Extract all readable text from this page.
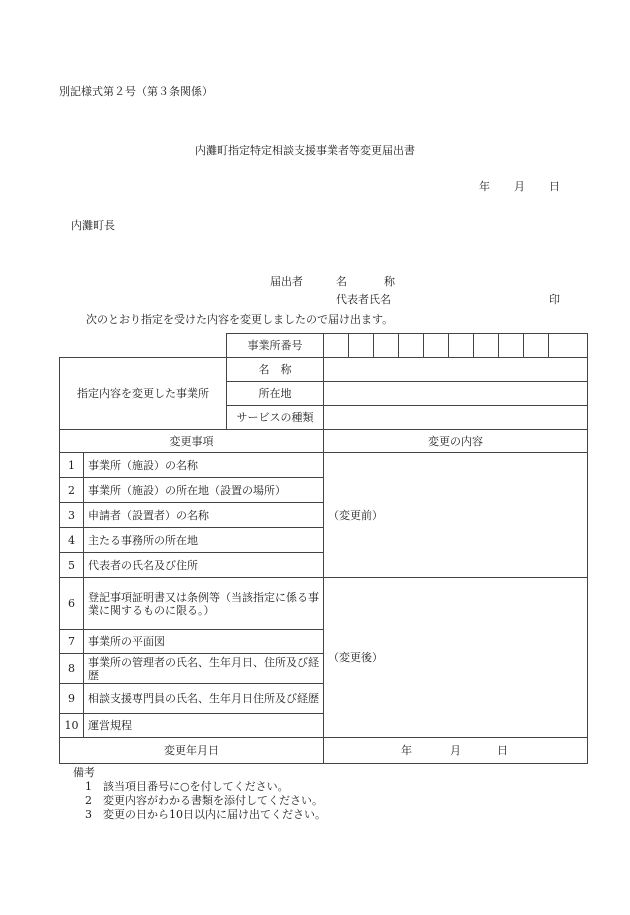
別記様式第２号（第３条関係）
内灘町指定特定相談支援事業者等変更届出書
年 月 日
内灘町長
届出者	名	称
代表者氏名	印
次のとおり指定を受けた内容を変更しましたので届け出ます。
		事業所番号										
指定内容を変更した事業所		名　称										
		所在地										
		サービスの種類										
変更事項			変更の内容									
1	事業所（施設）の名称		（変更前）									
2	事業所（施設）の所在地（設置の場所）											
3	申請者（設置者）の名称											
4	主たる事務所の所在地											
5	代表者の氏名及び住所											
6	登記事項証明書又は条例等（当該指定に係る事業に関するものに限る。）		（変更後）									
7	事業所の平面図											
8	事業所の管理者の氏名、生年月日、住所及び経歴											
9	相談支援専門員の氏名、生年月日住所及び経歴											
10	運営規程											
変更年月日			年 月 日									
備考
1 該当項目番号に○を付してください。
2 変更内容がわかる書類を添付してください。
3 変更の日から10日以内に届け出てください。
